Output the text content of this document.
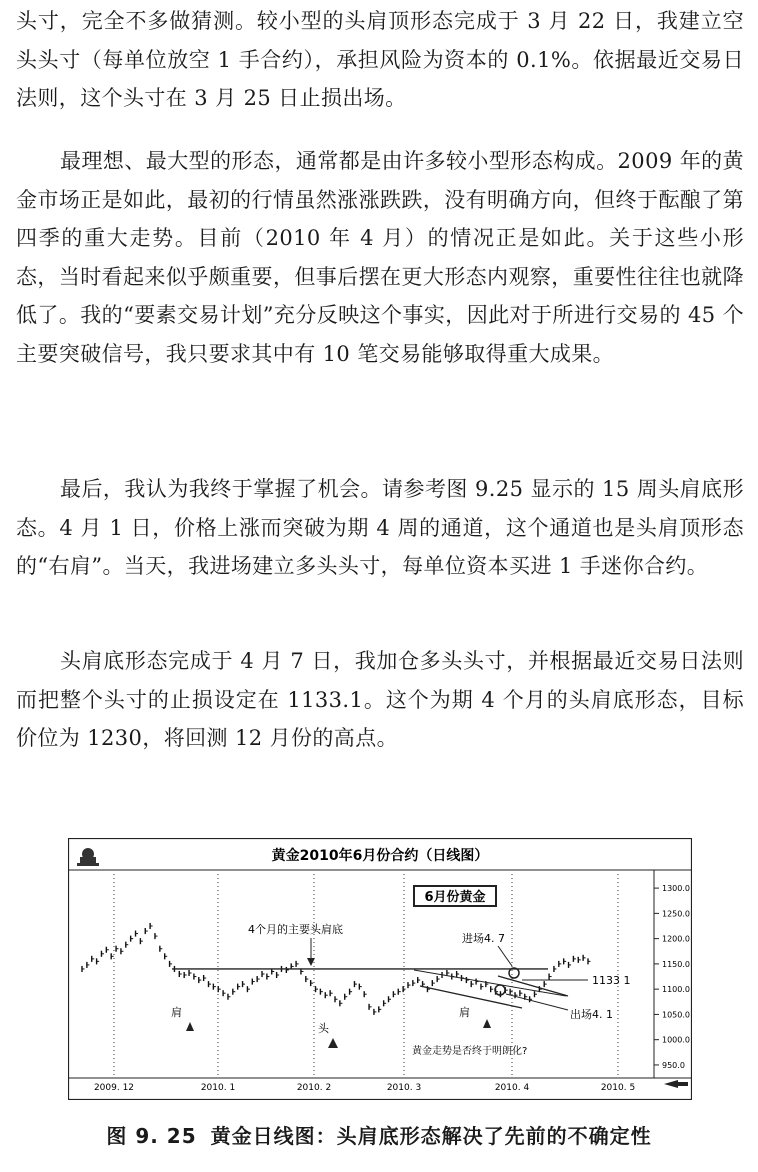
头寸，完全不多做猜测。较小型的头肩顶形态完成于 3 月 22 日，我建立空头头寸（每单位放空 1 手合约），承担风险为资本的 0.1%。依据最近交易日法则，这个头寸在 3 月 25 日止损出场。

最理想、最大型的形态，通常都是由许多较小型形态构成。2009 年的黄金市场正是如此，最初的行情虽然涨涨跌跌，没有明确方向，但终于酝酿了第四季的重大走势。目前（2010 年 4 月）的情况正是如此。关于这些小形态，当时看起来似乎颇重要，但事后摆在更大形态内观察，重要性往往也就降低了。我的“要素交易计划”充分反映这个事实，因此对于所进行交易的 45 个主要突破信号，我只要求其中有 10 笔交易能够取得重大成果。

最后，我认为我终于掌握了机会。请参考图 9.25 显示的 15 周头肩底形态。4 月 1 日，价格上涨而突破为期 4 周的通道，这个通道也是头肩顶形态的“右肩”。当天，我进场建立多头头寸，每单位资本买进 1 手迷你合约。

头肩底形态完成于 4 月 7 日，我加仓多头头寸，并根据最近交易日法则而把整个头寸的止损设定在 1133.1。这个为期 4 个月的头肩底形态，目标价位为 1230，将回测 12 月份的高点。

黄金2010年6月份合约（日线图）
6月份黄金
1300.0
1250.0
1200.0
1150.0
1100.0
1050.0
1000.0
950.0
2009. 12	2010. 1	2010. 2	2010. 3	2010. 4	2010. 5
4个月的主要头肩底
进场4. 7
出场4. 1
1133 1
肩
头
肩
黄金走势是否终于明朗化?
图 9. 25 黄金日线图：头肩底形态解决了先前的不确定性
